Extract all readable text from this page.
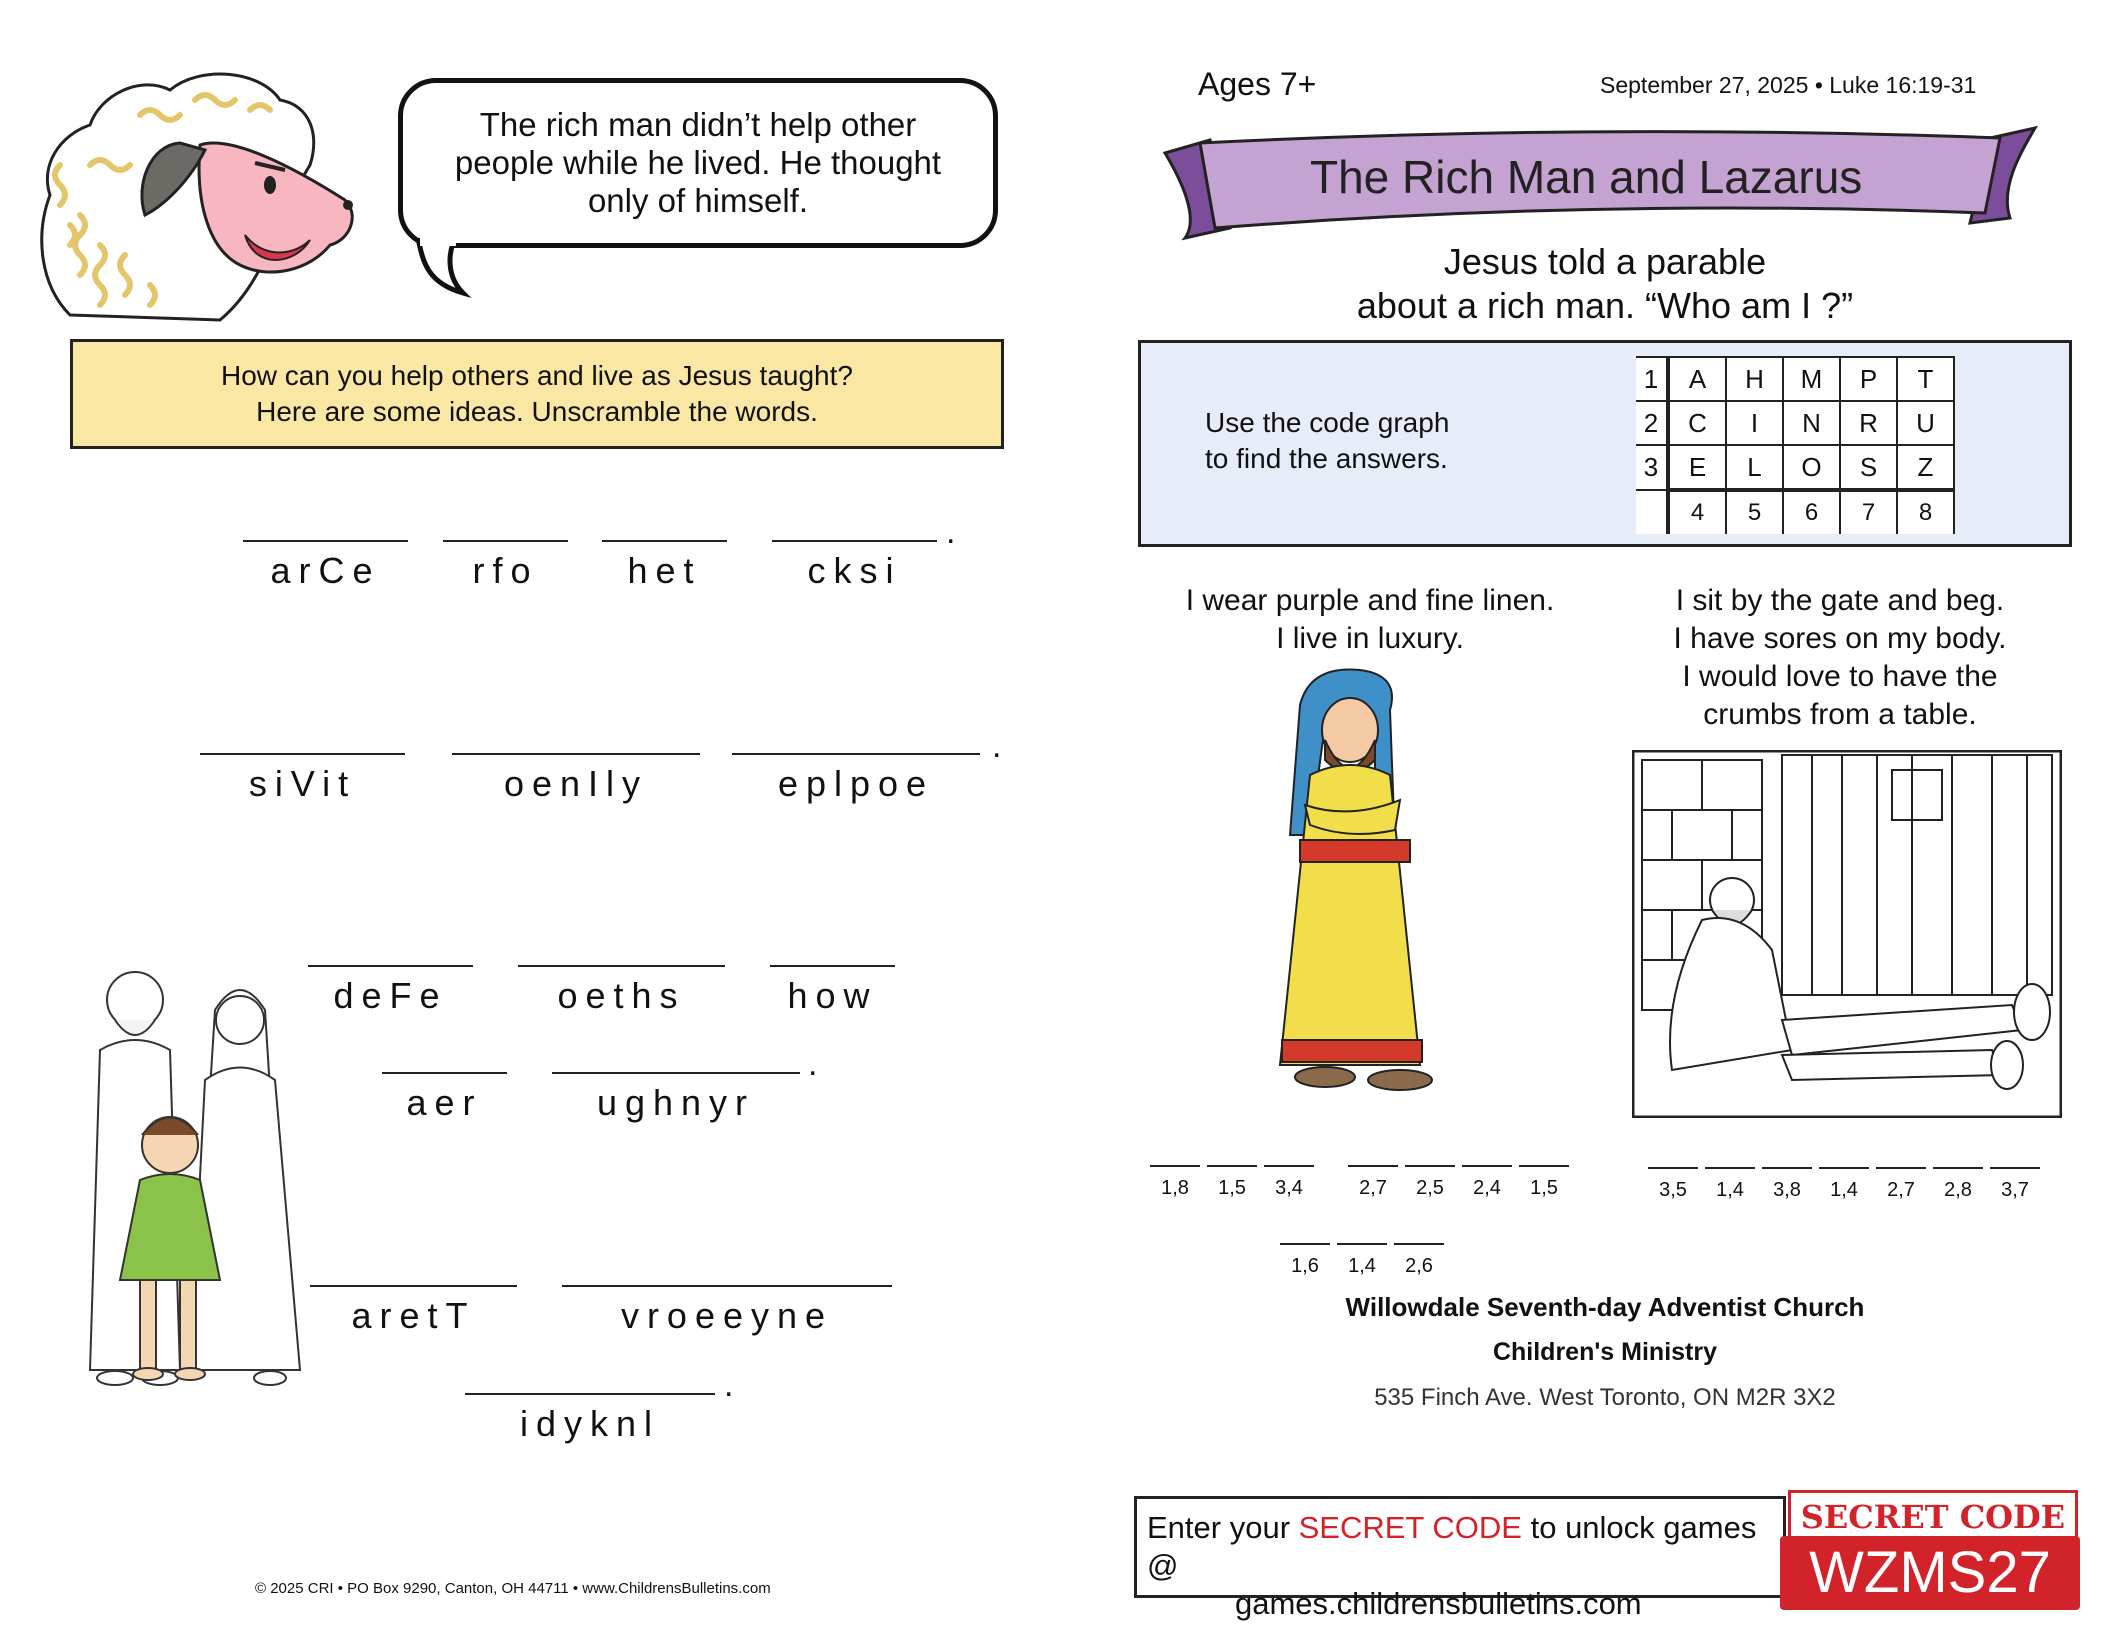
The rich man didn’t help other
people while he lived. He thought
only of himself.
How can you help others and live as Jesus taught?
Here are some ideas. Unscramble the words.
arCe	rfo	het	cksi
.
siVit	oenIly	eplpoe
.
deFe	oeths	how
aer	ughnyr
.
aretT	vroeeyne
idyknl
.
© 2025 CRI • PO Box 9290, Canton, OH 44711 • www.ChildrensBulletins.com
Ages 7+	September 27, 2025 • Luke 16:19-31
The Rich Man and Lazarus
Jesus told a parable
about a rich man. “Who am I ?”
Use the code graph
to find the answers.
1	A	H	M	P	T
2	C	I	N	R	U
3	E	L	O	S	Z
	4	5	6	7	8
I wear purple and fine linen.
I live in luxury.
I sit by the gate and beg.
I have sores on my body.
I would love to have the
crumbs from a table.
1,8	1,5	3,4	2,7	2,5	2,4	1,5
1,6	1,4	2,6
3,5	1,4	3,8	1,4	2,7	2,8	3,7
Willowdale Seventh-day Adventist Church
Children's Ministry
535 Finch Ave. West Toronto, ON M2R 3X2
Enter your SECRET CODE to unlock games @
games.childrensbulletins.com
SECRET CODE
WZMS27
